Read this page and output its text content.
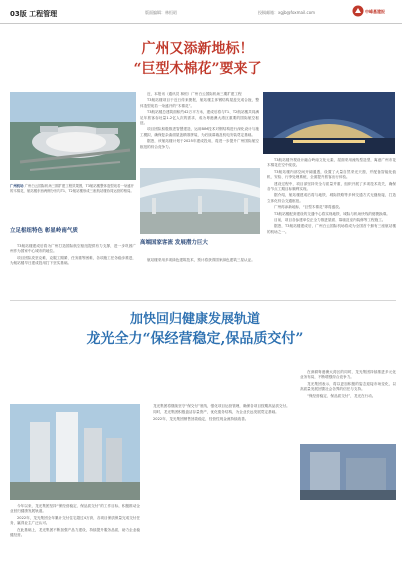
03版 工程管理	版面编辑：林恒昭	投稿邮箱：xgjb@foxmail.com	中峰基建报
广州又添新地标！
“巨型木棉花”要来了

近，本报讯（通讯员 林恒）广州白云国际机场三期扩建工程

T3航站楼项目于近日传来捷报，航站楼主体钢结构屋盖完成合拢，整体造型宛若一朵盛开的“木棉花”。

T3航站楼总建筑面积约42万平方米，建成后将与T1、T2航站楼共同满足年旅客吞吐量1.2亿人次的需求，成为粤港澳大湾区重要的国际航空枢纽。

项目团队积极推进智慧建造，运用BIM技术对钢结构进行深化设计与施工模拟，确保复杂曲面屋盖精准拼装，为后续幕墙及机电安装奠定基础。

据悉，该航站楼计划于2025年建成投用，将进一步提升广州国际航空枢纽的综合竞争力。

T3航站楼外观设计融合岭南文化元素，屋面采用流线型造型，寓意广州市花木棉花在空中绽放。

T3航站楼内部空间开阔通透，设置了大量自然采光天窗，并配备智能化值机、安检、行李处理系统，全面提升旅客出行体验。

建设过程中，项目部坚持安全与质量并重，组织开展了多项技术攻关，确保各节点工期目标顺利实现。

据介绍，航站楼建成后将与地铁、城际铁路等多种交通方式无缝衔接，打造立体化综合交通枢纽。

广州再添新地标，“巨型木棉花”即将盛放。

T3航站楼配套建设的交通中心将实现地铁、城际与机场快线的便捷换乘。

目前，项目各参建单位正全力推进屋面、幕墙及室内装修等工程施工。

据悉，T3航站楼建成后，广州白云国际机场将成为全国首个拥有三座航站楼的机场之一。

广州机场 广州白云国际机场三期扩建工程效果图，T3航站楼整体造型宛若一朵盛开的木棉花，航站楼东西两侧分别与T1、T2航站楼形成三座航站楼协同运营的格局。
立足枢纽特色 彰显岭南气质

T3航站楼建成后将为广州打造国际航空枢纽提供有力支撑，进一步巩固广州作为国家中心城市的地位。

项目团队攻坚克难，克服工期紧、任务重等困难，各项施工任务稳步推进，为航站楼早日建成投用打下坚实基础。

高端国家客流 发展潜力巨大

航站楼采用多项绿色建筑技术，预计将获得国家绿色建筑三星认证。

加快回归健康发展轨道
龙光全力“保经营稳定,保品质交付”

今年以来，龙光集团坚持“保经营稳定、保品质交付”的工作目标，积极推动企业回归健康发展轨道。

2022年，龙光集团全年累计交付住宅超过4万套，各项目保质保量完成交付任务，赢得业主广泛认可。

在此基础上，龙光集团不断加强产品力建设，持续提升服务品质，助力企业稳健经营。

龙光集团将继续坚守“保交付”底线，强化项目运营管理，确保各项目按期高品质交付。

同时，龙光集团积极盘活存量资产，优化债务结构，为企业长远发展奠定基础。

2022年，龙光集团销售回款稳定，经营性现金流持续改善。

在深耕粤港澳大湾区的同时，龙光集团持续推进多元化业务布局，不断增强综合竞争力。

龙光集团表示，将以更加积极的姿态迎接市场变化，以高质量发展回馈社会各界的信任与支持。

“保经营稳定、保品质交付”，龙光在行动。
